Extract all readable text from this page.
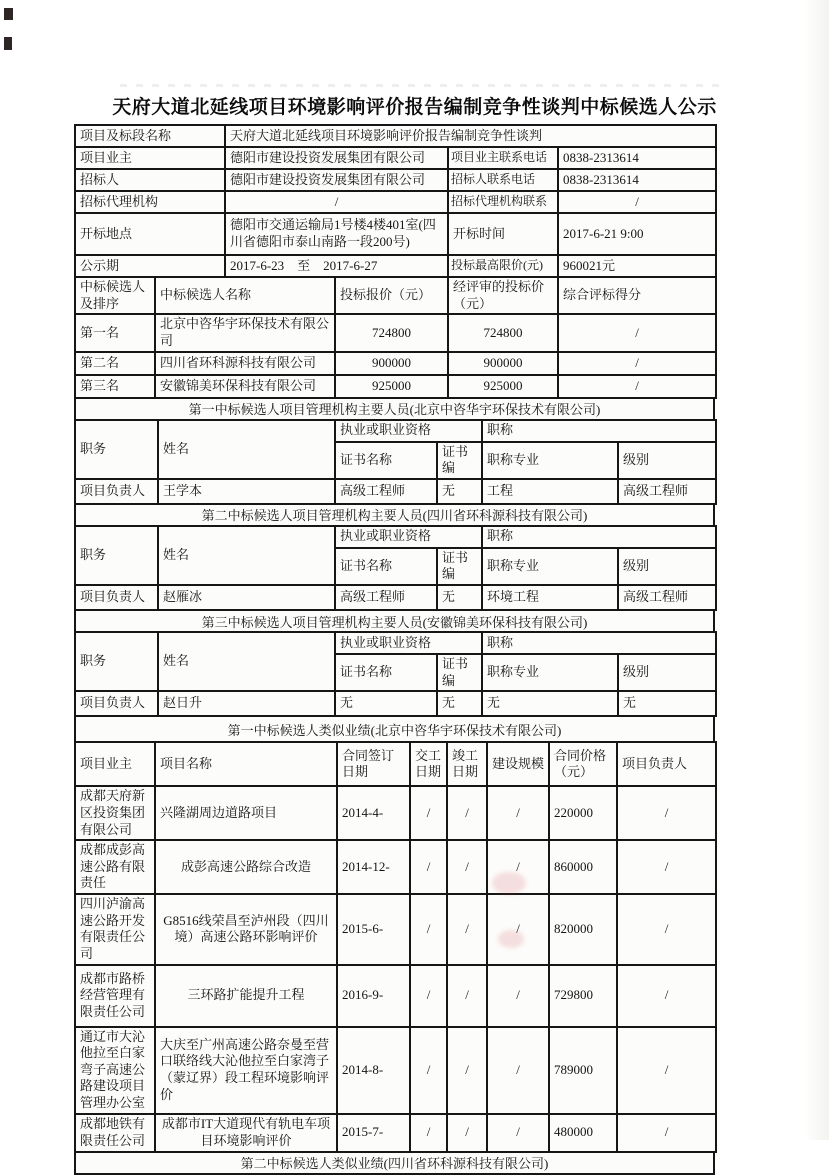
天府大道北延线项目环境影响评价报告编制竞争性谈判中标候选人公示
项目及标段名称	天府大道北延线项目环境影响评价报告编制竞争性谈判		
项目业主	德阳市建设投资发展集团有限公司	项目业主联系电话	0838-2313614
招标人	德阳市建设投资发展集团有限公司	招标人联系电话	0838-2313614
招标代理机构	/	招标代理机构联系	/
开标地点	德阳市交通运输局1号楼4楼401室(四川省德阳市泰山南路一段200号)	开标时间	2017-6-21 9:00
公示期	2017-6-23　至　2017-6-27	投标最高限价(元)	960021元
中标候选人及排序	中标候选人名称	投标报价（元）	经评审的投标价（元）	综合评标得分
第一名	北京中咨华宇环保技术有限公司	724800	724800	/
第二名	四川省环科源科技有限公司	900000	900000	/
第三名	安徽锦美环保科技有限公司	925000	925000	/
第一中标候选人项目管理机构主要人员(北京中咨华宇环保技术有限公司)
职务	姓名	执业或职业资格		职称	
		证书名称	证书编	职称专业	级别
项目负责人	王学本	高级工程师	无	工程	高级工程师
第二中标候选人项目管理机构主要人员(四川省环科源科技有限公司)
职务	姓名	执业或职业资格		职称	
		证书名称	证书编	职称专业	级别
项目负责人	赵雁冰	高级工程师	无	环境工程	高级工程师
第三中标候选人项目管理机构主要人员(安徽锦美环保科技有限公司)
职务	姓名	执业或职业资格		职称	
		证书名称	证书编	职称专业	级别
项目负责人	赵日升	无	无	无	无
第一中标候选人类似业绩(北京中咨华宇环保技术有限公司)
项目业主	项目名称	合同签订日期	交工日期	竣工日期	建设规模	合同价格（元）	项目负责人
成都天府新区投资集团有限公司	兴隆湖周边道路项目	2014-4-	/	/	/	220000	/
成都成彭高速公路有限责任	成彭高速公路综合改造	2014-12-	/	/	/	860000	/
四川泸渝高速公路开发有限责任公司	G8516线荣昌至泸州段（四川境）高速公路环影响评价	2015-6-	/	/	/	820000	/
成都市路桥经营管理有限责任公司	三环路扩能提升工程	2016-9-	/	/	/	729800	/
通辽市大沁他拉至白家弯子高速公路建设项目管理办公室	大庆至广州高速公路奈曼至营口联络线大沁他拉至白家湾子（蒙辽界）段工程环境影响评价	2014-8-	/	/	/	789000	/
成都地铁有限责任公司	成都市IT大道现代有轨电车项目环境影响评价	2015-7-	/	/	/	480000	/
第二中标候选人类似业绩(四川省环科源科技有限公司)
